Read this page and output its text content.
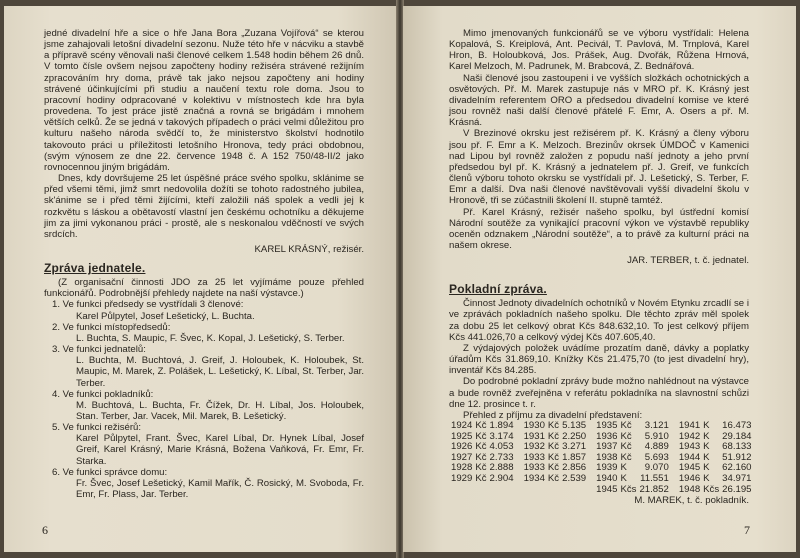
jedné divadelní hře a sice o hře Jana Bora „Zuzana Vojířová“ se kterou jsme zahajovali letošní divadelní sezonu. Nuže této hře v nácviku a stavbě a přípravě scény věnovali naši členové celkem 1.548 hodin během 26 dnů. V tomto čísle ovšem nejsou započteny hodiny režiséra strávené režijním zpracováním hry doma, právě tak jako nejsou započteny ani hodiny strávené účinkujícími při studiu a naučení textu role doma. Jsou to pracovní hodiny odpracované v kolektivu v místnostech kde hra byla provedena. To jest práce jistě značná a rovná se brigádám i mnohem větších celků. Že se jedná v takových případech o práci velmi důležitou pro kulturu našeho národa svědčí to, že ministerstvo školství hodnotilo takovouto práci u příležitosti letošního Hronova, tedy práci obdobnou, (svým výnosem ze dne 22. července 1948 č. A 152 750/48-II/2 jako rovnocennou jiným brigádám.

Dnes, kdy dovršujeme 25 let úspěšné práce svého spolku, sklánime se před všemi těmi, jimž smrt nedovolila dožíti se tohoto radostného jubilea, sk'ánime se i před těmi žijícími, kteří založili náš spolek a vedli jej k rozkvětu s láskou a obětavostí vlastní jen českému ochotníku a děkujeme jim za jimi vykonanou práci - prostě, ale s neskonalou vděčností ve svých srdcích.

KAREL KRÁSNÝ, režisér.

Zpráva jednatele.

(Z organisační činnosti JDO za 25 let vyjímáme pouze přehled funkcionářů. Podrobnější přehledy najdete na naší výstavce.)

1. Ve funkci předsedy se vystřídali 3 členové:

Karel Půlpytel, Josef Lešetický, L. Buchta.

2. Ve funkci místopředsedů:

L. Buchta, S. Maupic, F. Švec, K. Kopal, J. Lešetický, S. Terber.

3. Ve funkci jednatelů:

L. Buchta, M. Buchtová, J. Greif, J. Holoubek, K. Holoubek, St. Maupic, M. Marek, Z. Polášek, L. Lešetický, K. Líbal, St. Terber, Jar. Terber.

4. Ve funkci pokladníků:

M. Buchtová, L. Buchta, Fr. Čížek, Dr. H. Líbal, Jos. Holoubek, Stan. Terber, Jar. Vacek, Mil. Marek, B. Lešetický.

5. Ve funkci režisérů:

Karel Půlpytel, Frant. Švec, Karel Líbal, Dr. Hynek Líbal, Josef Greif, Karel Krásný, Marie Krásná, Božena Vaňková, Fr. Emr, Fr. Starka.

6. Ve funkci správce domu:

Fr. Švec, Josef Lešetický, Kamil Mařík, Č. Rosický, M. Svoboda, Fr. Emr, Fr. Plass, Jar. Terber.

6

Mimo jmenovaných funkcionářů se ve výboru vystřídali: Helena Kopalová, S. Kreiplová, Ant. Pecivál, T. Pavlová, M. Trnplová, Karel Hron, B. Holoubková, Jos. Prášek, Aug. Dvořák, Růžena Hrnová, Karel Melzoch, M. Padrunek, M. Brabcová, Z. Bednářová.

Naši členové jsou zastoupeni i ve vyšších složkách ochotnických a osvětových. Př. M. Marek zastupuje nás v MRO př. K. Krásný jest divadelním referentem ORO a předsedou divadelní komise ve které jsou rovněž naši další členové přátelé F. Emr, A. Osers a př. M. Krásná.

V Brezinové okrsku jest režisérem př. K. Krásný a členy výboru jsou př. F. Emr a K. Melzoch. Brezinův okrsek ÚMDOČ v Kamenici nad Lipou byl rovněž založen z popudu naší jednoty a jeho první předsedou byl př. K. Krásný a jednatelem př. J. Greif, ve funkcích členů výboru tohoto okrsku se vystřídali př. J. Lešetický, S. Terber, F. Emr a další. Dva naši členové navštěvovali vyšší divadelní školu v Hronově, tři se zúčastnili školení II. stupně tamtéž.

Př. Karel Krásný, režisér našeho spolku, byl ústřední komisí Národní soutěže za vynikající pracovní výkon ve výstavbě republiky oceněn odznakem „Národní soutěže“, a to právě za kulturní práci na našem okrese.

JAR. TERBER, t. č. jednatel.

Pokladní zpráva.

Činnost Jednoty divadelních ochotníků v Novém Etynku zrcadlí se i ve zprávách pokladních našeho spolku. Dle těchto zpráv měl spolek za dobu 25 let celkový obrat Kčs 848.632,10. To jest celkový příjem Kčs 441.026,70 a celkový výdej Kčs 407.605,40.

Z výdajových položek uvádíme prozatím daně, dávky a poplatky úřadům Kčs 31.869,10. Knížky Kčs 21.475,70 (to jest divadelní hry), inventář Kčs 84.285.

Do podrobné pokladní zprávy bude možno nahlédnout na výstavce a bude rovněž zveřejněna v referátu pokladníka na slavnostní schůzi dne 12. prosince t. r.

Přehled z příjmu za divadelní představení:

1924	Kč	1.894	1930	Kč	5.135	1935	Kč	3.121	1941	K	16.473
1925	Kč	3.174	1931	Kč	2.250	1936	Kč	5.910	1942	K	29.184
1926	Kč	4.053	1932	Kč	3.271	1937	Kč	4.889	1943	K	68.133
1927	Kč	2.733	1933	Kč	1.857	1938	Kč	5.693	1944	K	51.912
1928	Kč	2.888	1933	Kč	2.856	1939	K	9.070	1945	K	62.160
1929	Kč	2.904	1934	Kč	2.539	1940	K	11.551	1946	K	34.971
						1945	Kčs	21.852	1948	Kčs	26.195

M. MAREK, t. č. pokladník.

7
